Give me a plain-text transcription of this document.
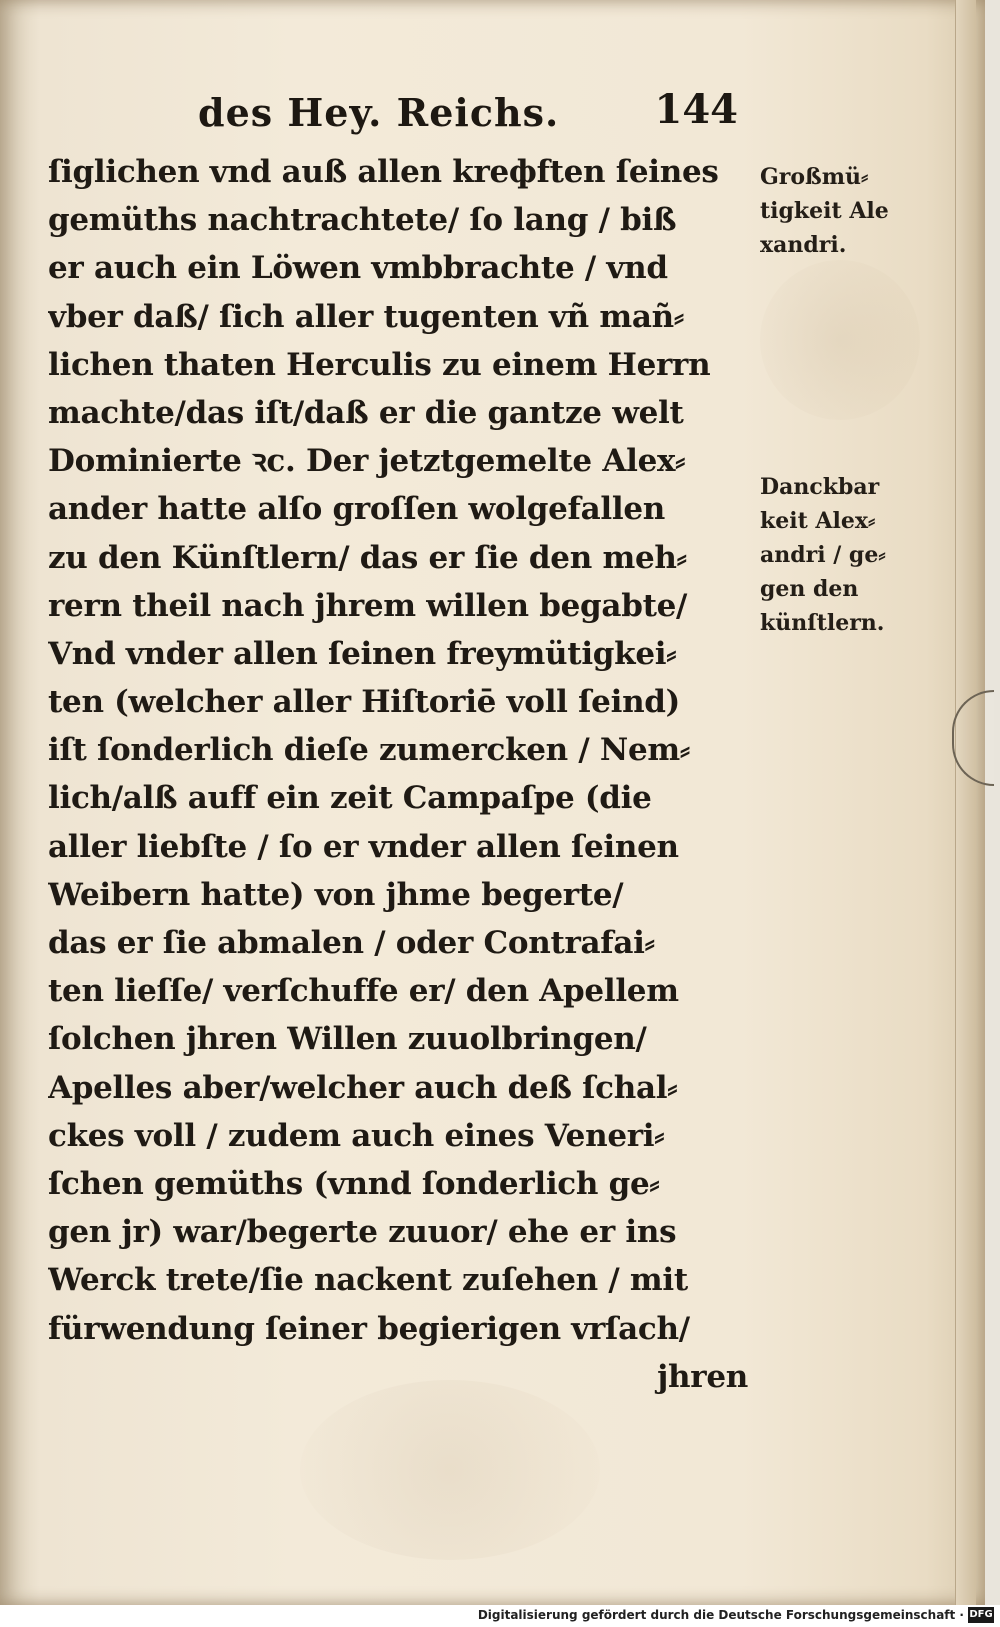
des Hey. Reichs. 144
ſiglichen vnd auß allen kreфften ſeines
gemüths nachtrachtete/ ſo lang / biß
er auch ein Löwen vmbbrachte / vnd
vber daß/ ſich aller tugenten vñ mañ⸗
lichen thaten Herculis zu einem Herrn
machte/das iſt/daß er die gantze welt
Dominierte ꝛc. Der jetztgemelte Alex⸗
ander hatte alſo groſſen wolgefallen
zu den Künſtlern/ das er ſie den meh⸗
rern theil nach jhrem willen begabte/
Vnd vnder allen ſeinen freymütigkei⸗
ten (welcher aller Hiſtoriē voll ſeind)
iſt ſonderlich dieſe zumercken / Nem⸗
lich/alß auff ein zeit Campaſpe (die
aller liebſte / ſo er vnder allen ſeinen
Weibern hatte) von jhme begerte/
das er ſie abmalen / oder Contrafai⸗
ten lieſſe/ verſchuffe er/ den Apellem
ſolchen jhren Willen zuuolbringen/
Apelles aber/welcher auch deß ſchal⸗
ckes voll / zudem auch eines Veneri⸗
ſchen gemüths (vnnd ſonderlich ge⸗
gen jr) war/begerte zuuor/ ehe er ins
Werck trete/ſie nackent zuſehen / mit
fürwendung ſeiner begierigen vrſach/
jhren
Großmü⸗
tigkeit Ale
xandri.
Danckbar
keit Alex⸗
andri / ge⸗
gen den
künſtlern.
Digitalisierung gefördert durch die Deutsche Forschungsgemeinschaft · DFG
